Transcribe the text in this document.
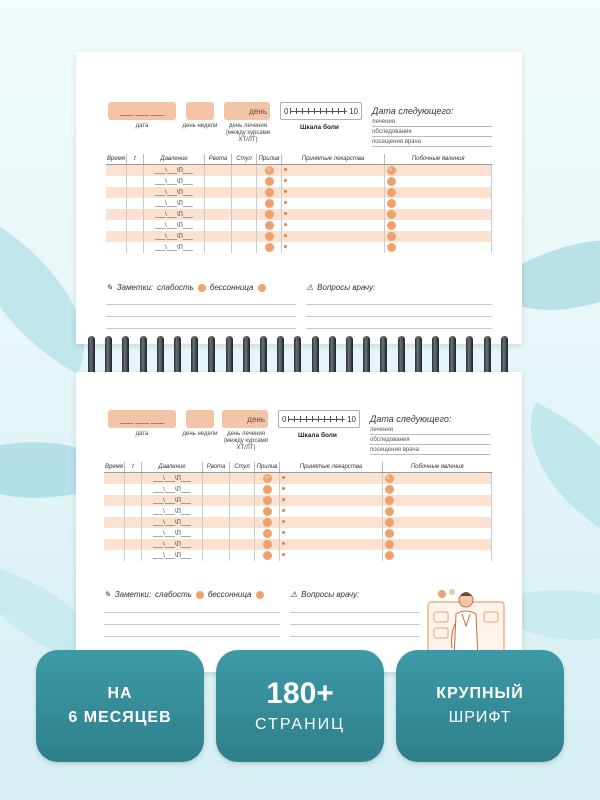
___ ___ ___
дата	день недели
день
день лечения
(между курсами ХТ/ЛТ)
0	10
Шкала боли
Дата следующего:
лечения
обследования
посещения врача
Время	t	Давление	Рвота	Стул	Прилив	Принятые лекарства	Побочные явления
		___\___\П___			☺		☺
		___\___\П___					
		___\___\П___					
		___\___\П___					
		___\___\П___					
		___\___\П___					
		___\___\П___					
		___\___\П___					
✎ Заметки: слабость бессонница	⚠ Вопросы врачу:
___ ___ ___
дата	день недели
день
день лечения
(между курсами ХТ/ЛТ)
0	10
Шкала боли
Дата следующего:
лечения
обследования
посещения врача
Время	t	Давление	Рвота	Стул	Прилив	Принятые лекарства	Побочные явления
		___\___\П___			☺		☺
		___\___\П___					
		___\___\П___					
		___\___\П___					
		___\___\П___					
		___\___\П___					
		___\___\П___					
		___\___\П___					
✎ Заметки: слабость бессонница	⚠ Вопросы врачу:
НА
6 МЕСЯЦЕВ
180+
СТРАНИЦ
КРУПНЫЙ
ШРИФТ
